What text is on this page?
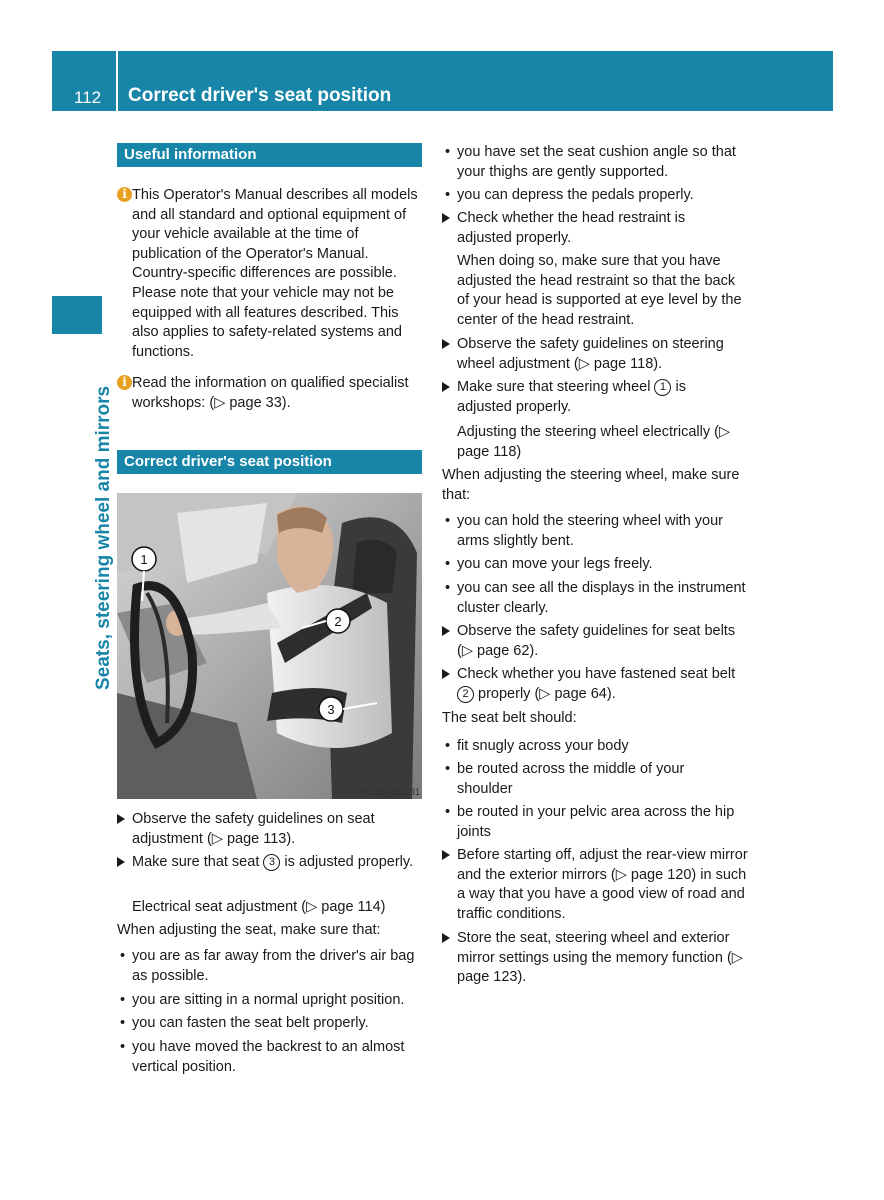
112 Correct driver's seat position
Seats, steering wheel and mirrors
Useful information
i This Operator's Manual describes all models and all standard and optional equipment of your vehicle available at the time of publication of the Operator's Manual. Country-specific differences are possible. Please note that your vehicle may not be equipped with all features described. This also applies to safety-related systems and functions.
i Read the information on qualified specialist workshops: (▷ page 33).
Correct driver's seat position
1
2
3
P91.10-3231-31
Observe the safety guidelines on seat adjustment (▷ page 113).
Make sure that seat 3 is adjusted properly.
Electrical seat adjustment (▷ page 114)
When adjusting the seat, make sure that:
• you are as far away from the driver's air bag as possible.
• you are sitting in a normal upright position.
• you can fasten the seat belt properly.
• you have moved the backrest to an almost vertical position.
• you have set the seat cushion angle so that your thighs are gently supported.
• you can depress the pedals properly.
Check whether the head restraint is adjusted properly.
When doing so, make sure that you have adjusted the head restraint so that the back of your head is supported at eye level by the center of the head restraint.
Observe the safety guidelines on steering wheel adjustment (▷ page 118).
Make sure that steering wheel 1 is adjusted properly.
Adjusting the steering wheel electrically (▷ page 118)
When adjusting the steering wheel, make sure that:
• you can hold the steering wheel with your arms slightly bent.
• you can move your legs freely.
• you can see all the displays in the instrument cluster clearly.
Observe the safety guidelines for seat belts (▷ page 62).
Check whether you have fastened seat belt 2 properly (▷ page 64).
The seat belt should:
• fit snugly across your body
• be routed across the middle of your shoulder
• be routed in your pelvic area across the hip joints
Before starting off, adjust the rear-view mirror and the exterior mirrors (▷ page 120) in such a way that you have a good view of road and traffic conditions.
Store the seat, steering wheel and exterior mirror settings using the memory function (▷ page 123).
